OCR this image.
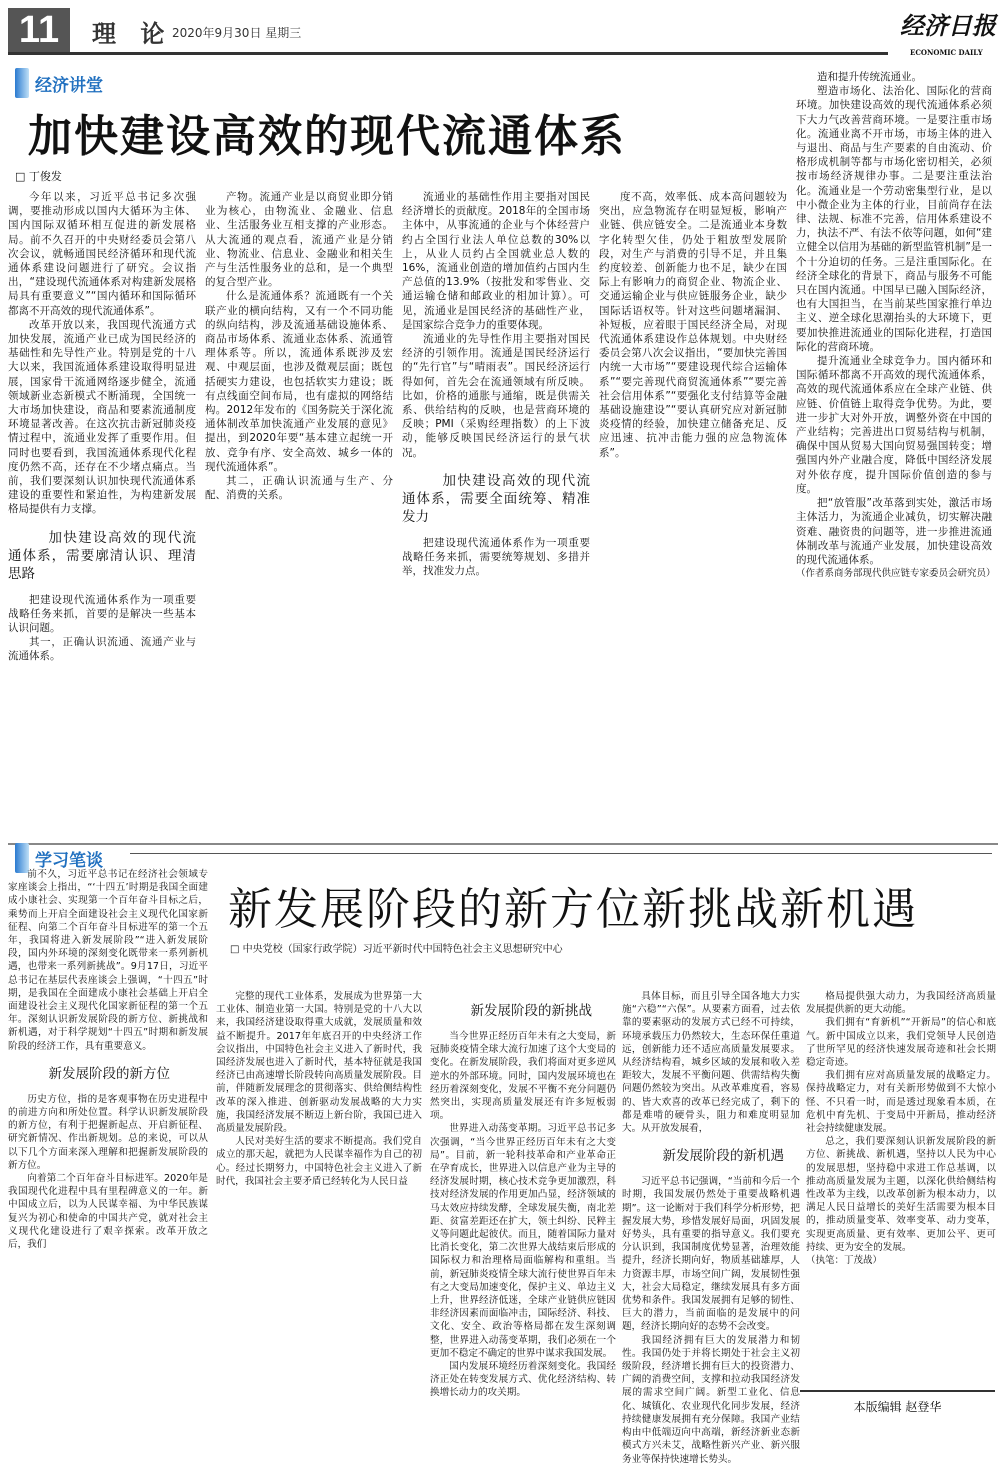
11	理 论 2020年9月30日 星期三	经济日报
ECONOMIC DAILY
经济讲堂
加快建设高效的现代流通体系
□ 丁俊发

今年以来，习近平总书记多次强调，要推动形成以国内大循环为主体、国内国际双循环相互促进的新发展格局。前不久召开的中央财经委员会第八次会议，就畅通国民经济循环和现代流通体系建设问题进行了研究。会议指出，“建设现代流通体系对构建新发展格局具有重要意义”“国内循环和国际循环都离不开高效的现代流通体系”。

改革开放以来，我国现代流通方式加快发展，流通产业已成为国民经济的基础性和先导性产业。特别是党的十八大以来，我国流通体系建设取得明显进展，国家骨干流通网络逐步健全，流通领域新业态新模式不断涌现，全国统一大市场加快建设，商品和要素流通制度环境显著改善。在这次抗击新冠肺炎疫情过程中，流通业发挥了重要作用。但同时也要看到，我国流通体系现代化程度仍然不高，还存在不少堵点痛点。当前，我们要深刻认识加快现代流通体系建设的重要性和紧迫性，为构建新发展格局提供有力支撑。

加快建设高效的现代流通体系，需要廓清认识、理清思路

把建设现代流通体系作为一项重要战略任务来抓，首要的是解决一些基本认识问题。

其一，正确认识流通、流通产业与流通体系。

产物。流通产业是以商贸业即分销业为核心，由物流业、金融业、信息业、生活服务业互相支撑的产业形态。从大流通的观点看，流通产业是分销业、物流业、信息业、金融业和相关生产与生活性服务业的总和，是一个典型的复合型产业。

什么是流通体系？流通既有一个关联产业的横向结构，又有一个不同功能的纵向结构，涉及流通基础设施体系、商品市场体系、流通业态体系、流通管理体系等。所以，流通体系既涉及宏观、中观层面，也涉及微观层面；既包括硬实力建设，也包括软实力建设；既有点线面空间布局，也有虚拟的网络结构。2012年发布的《国务院关于深化流通体制改革加快流通产业发展的意见》提出，到2020年要“基本建立起统一开放、竞争有序、安全高效、城乡一体的现代流通体系”。

其二，正确认识流通与生产、分配、消费的关系。

流通业的基础性作用主要指对国民经济增长的贡献度。2018年的全国市场主体中，从事流通的企业与个体经营户约占全国行业法人单位总数的30%以上，从业人员约占全国就业总人数的16%，流通业创造的增加值约占国内生产总值的13.9%（按批发和零售业、交通运输仓储和邮政业的相加计算）。可见，流通业是国民经济的基础性产业，是国家综合竞争力的重要体现。

流通业的先导性作用主要指对国民经济的引领作用。流通是国民经济运行的“先行官”与“晴雨表”。国民经济运行得如何，首先会在流通领域有所反映。比如，价格的通胀与通缩，既是供需关系、供给结构的反映，也是营商环境的反映；PMI（采购经理指数）的上下波动，能够反映国民经济运行的景气状况。

加快建设高效的现代流通体系，需要全面统筹、精准发力

把建设现代流通体系作为一项重要战略任务来抓，需要统筹规划、多措并举，找准发力点。

度不高，效率低、成本高问题较为突出，应急物流存在明显短板，影响产业链、供应链安全。二是流通业本身数字化转型欠佳，仍处于粗放型发展阶段，对生产与消费的引导不足，并且集约度较差、创新能力也不足，缺少在国际上有影响力的商贸企业、物流企业、交通运输企业与供应链服务企业，缺少国际话语权等。针对这些问题堵漏洞、补短板，应着眼于国民经济全局，对现代流通体系建设作总体规划。中央财经委员会第八次会议指出，“要加快完善国内统一大市场”“要建设现代综合运输体系”“要完善现代商贸流通体系”“要完善社会信用体系”“要强化支付结算等金融基础设施建设”“要认真研究应对新冠肺炎疫情的经验，加快建立储备充足、反应迅速、抗冲击能力强的应急物流体系”。

造和提升传统流通业。

塑造市场化、法治化、国际化的营商环境。加快建设高效的现代流通体系必须下大力气改善营商环境。一是要注重市场化。流通业离不开市场，市场主体的进入与退出、商品与生产要素的自由流动、价格形成机制等都与市场化密切相关，必须按市场经济规律办事。二是要注重法治化。流通业是一个劳动密集型行业，是以中小微企业为主体的行业，目前尚存在法律、法规、标准不完善，信用体系建设不力，执法不严、有法不依等问题，如何“建立健全以信用为基础的新型监管机制”是一个十分迫切的任务。三是注重国际化。在经济全球化的背景下，商品与服务不可能只在国内流通。中国早已融入国际经济，也有大国担当，在当前某些国家推行单边主义、逆全球化思潮抬头的大环境下，更要加快推进流通业的国际化进程，打造国际化的营商环境。

提升流通业全球竞争力。国内循环和国际循环都离不开高效的现代流通体系，高效的现代流通体系应在全球产业链、供应链、价值链上取得竞争优势。为此，要进一步扩大对外开放，调整外资在中国的产业结构；完善进出口贸易结构与机制，确保中国从贸易大国向贸易强国转变；增强国内外产业融合度，降低中国经济发展对外依存度，提升国际价值创造的参与度。

把“放管服”改革落到实处，激活市场主体活力，为流通企业减负，切实解决融资难、融资贵的问题等，进一步推进流通体制改革与流通产业发展，加快建设高效的现代流通体系。

（作者系商务部现代供应链专家委员会研究员）

学习笔谈
新发展阶段的新方位新挑战新机遇
□ 中央党校（国家行政学院）习近平新时代中国特色社会主义思想研究中心

前不久，习近平总书记在经济社会领域专家座谈会上指出，“‘十四五’时期是我国全面建成小康社会、实现第一个百年奋斗目标之后，乘势而上开启全面建设社会主义现代化国家新征程、向第二个百年奋斗目标进军的第一个五年，我国将进入新发展阶段”“进入新发展阶段，国内外环境的深刻变化既带来一系列新机遇，也带来一系列新挑战”。9月17日，习近平总书记在基层代表座谈会上强调，“十四五”时期，是我国在全面建成小康社会基础上开启全面建设社会主义现代化国家新征程的第一个五年。深刻认识新发展阶段的新方位、新挑战和新机遇，对于科学规划“十四五”时期和新发展阶段的经济工作，具有重要意义。

新发展阶段的新方位

历史方位，指的是客观事物在历史进程中的前进方向和所处位置。科学认识新发展阶段的新方位，有利于把握新起点、开启新征程、研究新情况、作出新规划。总的来说，可以从以下几个方面来深入理解和把握新发展阶段的新方位。

向着第二个百年奋斗目标进军。2020年是我国现代化进程中具有里程碑意义的一年。新中国成立后，以为人民谋幸福、为中华民族谋复兴为初心和使命的中国共产党，就对社会主义现代化建设进行了艰辛探索。改革开放之后，我们

完整的现代工业体系，发展成为世界第一大工业体、制造业第一大国。特别是党的十八大以来，我国经济建设取得重大成就，发展质量和效益不断提升。2017年年底召开的中央经济工作会议指出，中国特色社会主义进入了新时代，我国经济发展也进入了新时代，基本特征就是我国经济已由高速增长阶段转向高质量发展阶段。目前，伴随新发展理念的贯彻落实、供给侧结构性改革的深入推进、创新驱动发展战略的大力实施，我国经济发展不断迈上新台阶，我国已进入高质量发展阶段。

人民对美好生活的要求不断提高。我们党自成立的那天起，就把为人民谋幸福作为自己的初心。经过长期努力，中国特色社会主义进入了新时代，我国社会主要矛盾已经转化为人民日益

新发展阶段的新挑战

当今世界正经历百年未有之大变局，新冠肺炎疫情全球大流行加速了这个大变局的变化。在新发展阶段，我们将面对更多逆风逆水的外部环境。同时，国内发展环境也在经历着深刻变化，发展不平衡不充分问题仍然突出，实现高质量发展还有许多短板弱项。

世界进入动荡变革期。习近平总书记多次强调，“当今世界正经历百年未有之大变局”。目前，新一轮科技革命和产业革命正在孕育成长，世界进入以信息产业为主导的经济发展时期，核心技术竞争更加激烈，科技对经济发展的作用更加凸显，经济领域的马太效应持续发酵，全球发展失衡，南北差距、贫富差距还在扩大，领土纠纷、民粹主义等问题此起彼伏。而且，随着国际力量对比消长变化，第二次世界大战结束后形成的国际权力和治理格局面临解构和重组。当前，新冠肺炎疫情全球大流行使世界百年未有之大变局加速变化，保护主义、单边主义上升，世界经济低迷，全球产业链供应链因非经济因素而面临冲击，国际经济、科技、文化、安全、政治等格局都在发生深刻调整，世界进入动荡变革期，我们必须在一个更加不稳定不确定的世界中谋求我国发展。

国内发展环境经历着深刻变化。我国经济正处在转变发展方式、优化经济结构、转换增长动力的攻关期。

具体目标，而且引导全国各地大力实施“六稳”“六保”。从要素方面看，过去依靠的要素驱动的发展方式已经不可持续，环境承载压力仍然较大，生态环保任重道远，创新能力还不适应高质量发展要求。从经济结构看，城乡区域的发展和收入差距较大，发展不平衡问题、供需结构失衡问题仍然较为突出。从改革难度看，容易的、皆大欢喜的改革已经完成了，剩下的都是难啃的硬骨头，阻力和难度明显加大。从开放发展看，

新发展阶段的新机遇

习近平总书记强调，“当前和今后一个时期，我国发展仍然处于重要战略机遇期”。这一论断对于我们科学分析形势，把握发展大势，珍惜发展好局面，巩固发展好势头，具有重要的指导意义。我们要充分认识到，我国制度优势显著，治理效能提升，经济长期向好，物质基础雄厚，人力资源丰厚，市场空间广阔，发展韧性强大，社会大局稳定，继续发展具有多方面优势和条件。我国发展拥有足够的韧性、巨大的潜力，当前面临的是发展中的问题，经济长期向好的态势不会改变。

我国经济拥有巨大的发展潜力和韧性。我国仍处于并将长期处于社会主义初级阶段，经济增长拥有巨大的投资潜力、广阔的消费空间，支撑和拉动我国经济发展的需求空间广阔。新型工业化、信息化、城镇化、农业现代化同步发展，经济持续健康发展拥有充分保障。我国产业结构由中低端迈向中高端，新经济新业态新模式方兴未艾，战略性新兴产业、新兴服务业等保持快速增长势头。

格局提供强大动力，为我国经济高质量发展提供新的更大动能。

我们拥有“育新机”“开新局”的信心和底气。新中国成立以来，我们党领导人民创造了世所罕见的经济快速发展奇迹和社会长期稳定奇迹。

我们拥有应对高质量发展的战略定力。保持战略定力，对有关新形势做到不大惊小怪、不只看一时，而是透过现象看本质，在危机中育先机、于变局中开新局，推动经济社会持续健康发展。

总之，我们要深刻认识新发展阶段的新方位、新挑战、新机遇，坚持以人民为中心的发展思想，坚持稳中求进工作总基调，以推动高质量发展为主题，以深化供给侧结构性改革为主线，以改革创新为根本动力，以满足人民日益增长的美好生活需要为根本目的，推动质量变革、效率变革、动力变革，实现更高质量、更有效率、更加公平、更可持续、更为安全的发展。

（执笔：丁茂战）

本版编辑 赵登华
